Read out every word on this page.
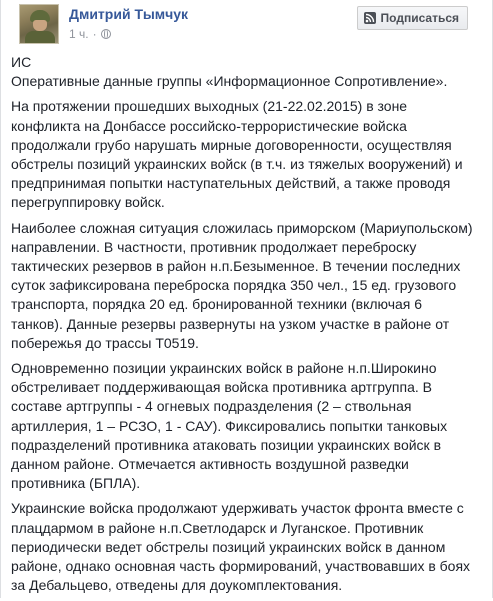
Дмитрий Тымчук
1 ч. ·
Подписаться

ИС
Оперативные данные группы «Информационное Сопротивление».

На протяжении прошедших выходных (21-22.02.2015) в зоне
конфликта на Донбассе российско-террористические войска
продолжали грубо нарушать мирные договоренности, осуществляя
обстрелы позиций украинских войск (в т.ч. из тяжелых вооружений) и
предпринимая попытки наступательных действий, а также проводя
перегруппировку войск.

Наиболее сложная ситуация сложилась приморском (Мариупольском)
направлении. В частности, противник продолжает переброску
тактических резервов в район н.п.Безыменное. В течении последних
суток зафиксирована переброска порядка 350 чел., 15 ед. грузового
транспорта, порядка 20 ед. бронированной техники (включая 6
танков). Данные резервы развернуты на узком участке в районе от
побережья до трассы Т0519.

Одновременно позиции украинских войск в районе н.п.Широкино
обстреливает поддерживающая войска противника артгруппа. В
составе артгруппы - 4 огневых подразделения (2 – ствольная
артиллерия, 1 – РСЗО, 1 - САУ). Фиксировались попытки танковых
подразделений противника атаковать позиции украинских войск в
данном районе. Отмечается активность воздушной разведки
противника (БПЛА).

Украинские войска продолжают удерживать участок фронта вместе с
плацдармом в районе н.п.Светлодарск и Луганское. Противник
периодически ведет обстрелы позиций украинских войск в данном
районе, однако основная часть формирований, участвовавших в боях
за Дебальцево, отведены для доукомплектования.
